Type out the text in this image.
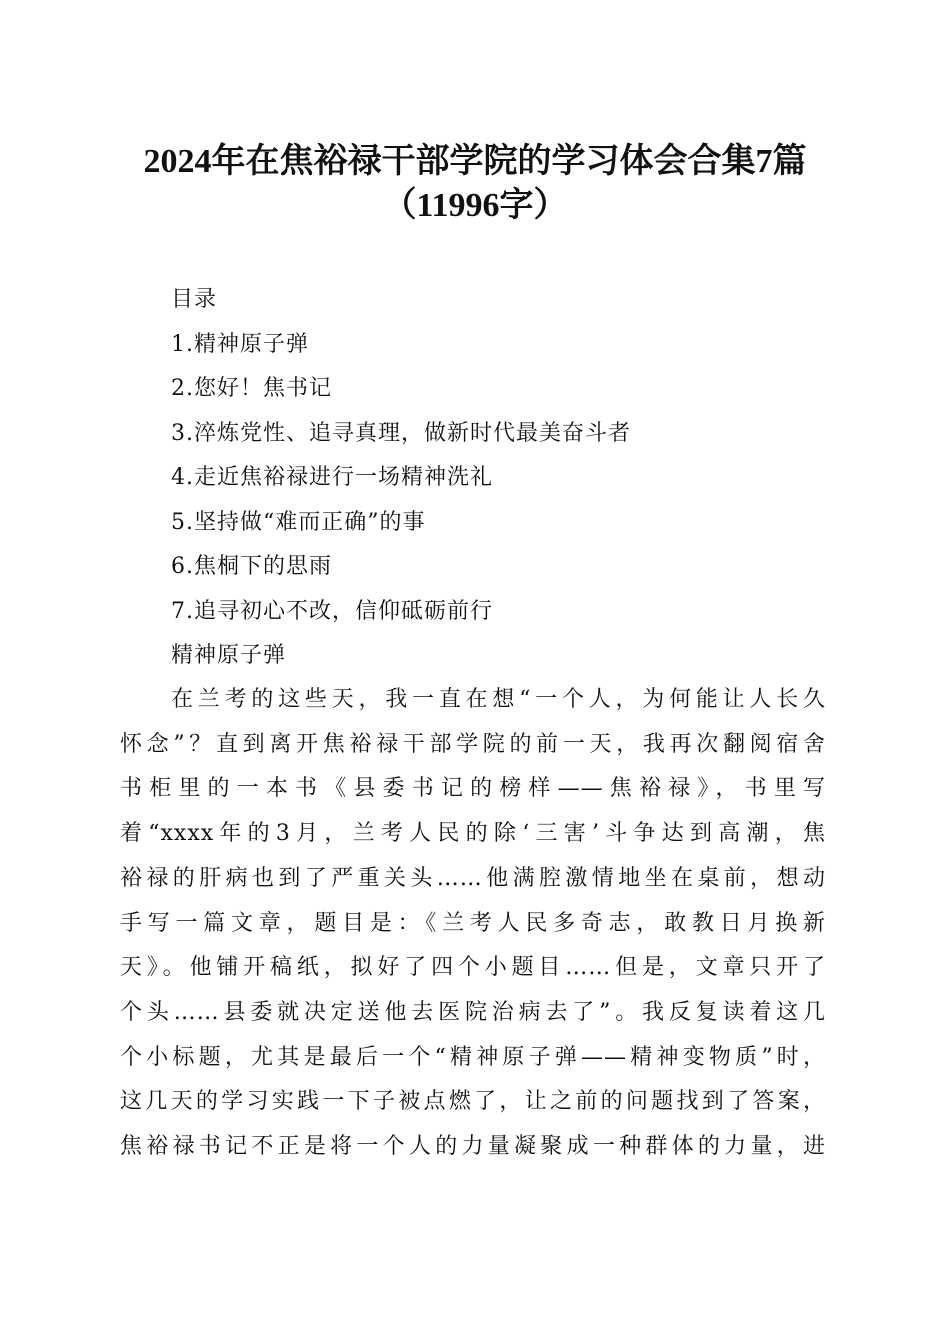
2024年在焦裕禄干部学院的学习体会合集7篇
（11996字）
目录
1.精神原子弹
2.您好！焦书记
3.淬炼党性、追寻真理，做新时代最美奋斗者
4.走近焦裕禄进行一场精神洗礼
5.坚持做“难而正确”的事
6.焦桐下的思雨
7.追寻初心不改，信仰砥砺前行
精神原子弹
在兰考的这些天，我一直在想“一个人，为何能让人长久
怀念”？直到离开焦裕禄干部学院的前一天，我再次翻阅宿舍
书柜里的一本书《县委书记的榜样——焦裕禄》，书里写
着“xxxx年的3月，兰考人民的除‘三害’斗争达到高潮，焦
裕禄的肝病也到了严重关头……他满腔激情地坐在桌前，想动
手写一篇文章，题目是：《兰考人民多奇志，敢教日月换新
天》。他铺开稿纸，拟好了四个小题目……但是，文章只开了
个头……县委就决定送他去医院治病去了”。我反复读着这几
个小标题，尤其是最后一个“精神原子弹——精神变物质”时，
这几天的学习实践一下子被点燃了，让之前的问题找到了答案，
焦裕禄书记不正是将一个人的力量凝聚成一种群体的力量，进
